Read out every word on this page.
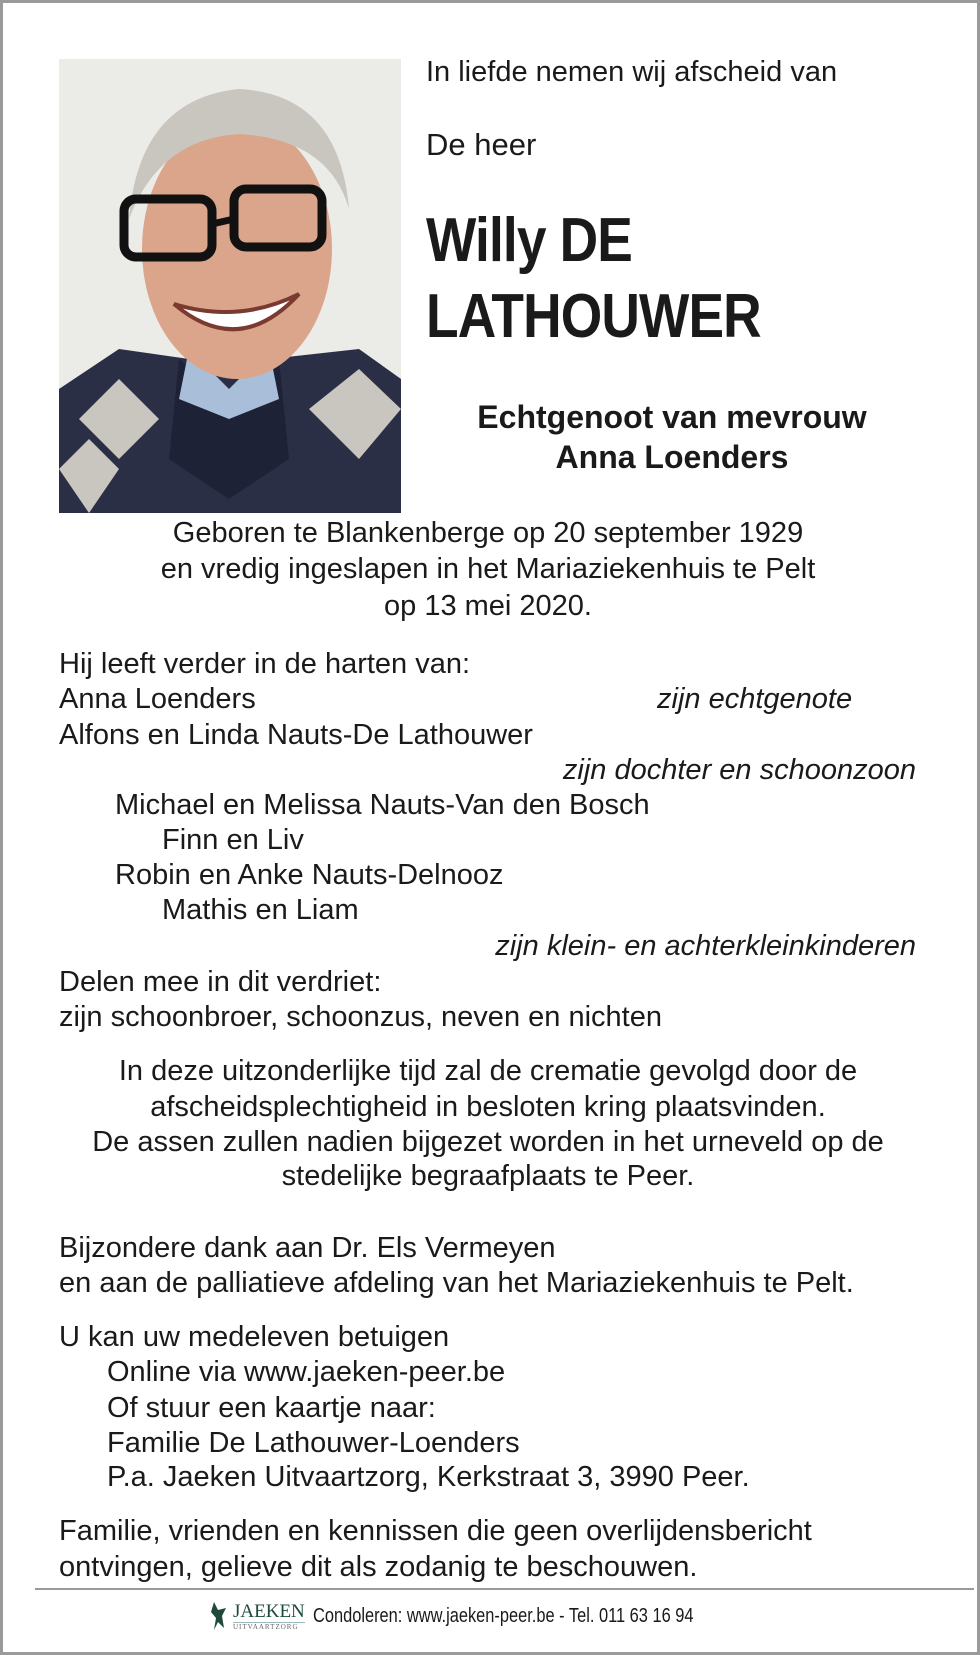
In liefde nemen wij afscheid van
De heer
Willy DE
LATHOUWER
Echtgenoot van mevrouw
Anna Loenders
Geboren te Blankenberge op 20 september 1929
en vredig ingeslapen in het Mariaziekenhuis te Pelt
op 13 mei 2020.
Hij leeft verder in de harten van:
Anna Loenders	zijn echtgenote
Alfons en Linda Nauts-De Lathouwer
zijn dochter en schoonzoon
Michael en Melissa Nauts-Van den Bosch
Finn en Liv
Robin en Anke Nauts-Delnooz
Mathis en Liam
zijn klein- en achterkleinkinderen
Delen mee in dit verdriet:
zijn schoonbroer, schoonzus, neven en nichten
In deze uitzonderlijke tijd zal de crematie gevolgd door de
afscheidsplechtigheid in besloten kring plaatsvinden.
De assen zullen nadien bijgezet worden in het urneveld op de
stedelijke begraafplaats te Peer.
Bijzondere dank aan Dr. Els Vermeyen
en aan de palliatieve afdeling van het Mariaziekenhuis te Pelt.
U kan uw medeleven betuigen
Online via www.jaeken-peer.be
Of stuur een kaartje naar:
Familie De Lathouwer-Loenders
P.a. Jaeken Uitvaartzorg, Kerkstraat 3, 3990 Peer.
Familie, vrienden en kennissen die geen overlijdensbericht
ontvingen, gelieve dit als zodanig te beschouwen.
JAEKEN
UITVAARTZORG Condoleren: www.jaeken-peer.be - Tel. 011 63 16 94
